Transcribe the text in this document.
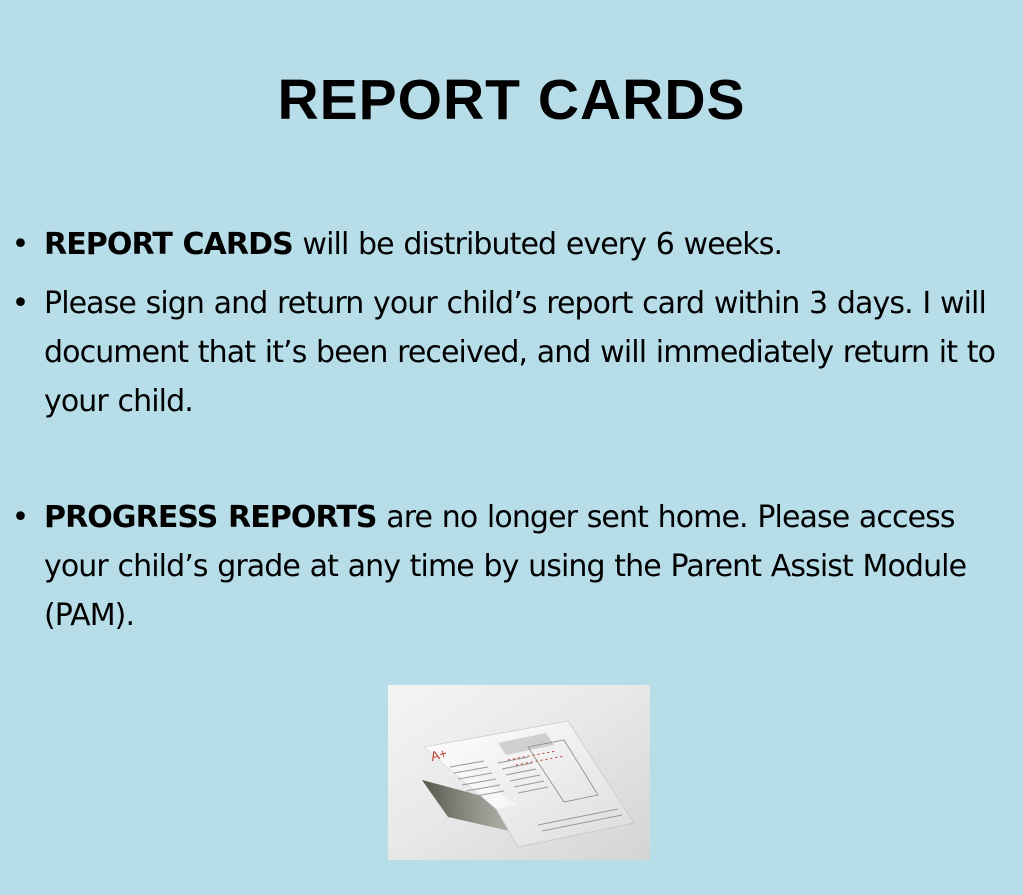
REPORT CARDS
• REPORT CARDS will be distributed every 6 weeks.
• Please sign and return your child’s report card within 3 days. I will document that it’s been received, and will immediately return it to your child.
• PROGRESS REPORTS are no longer sent home. Please access your child’s grade at any time by using the Parent Assist Module (PAM).
A+
